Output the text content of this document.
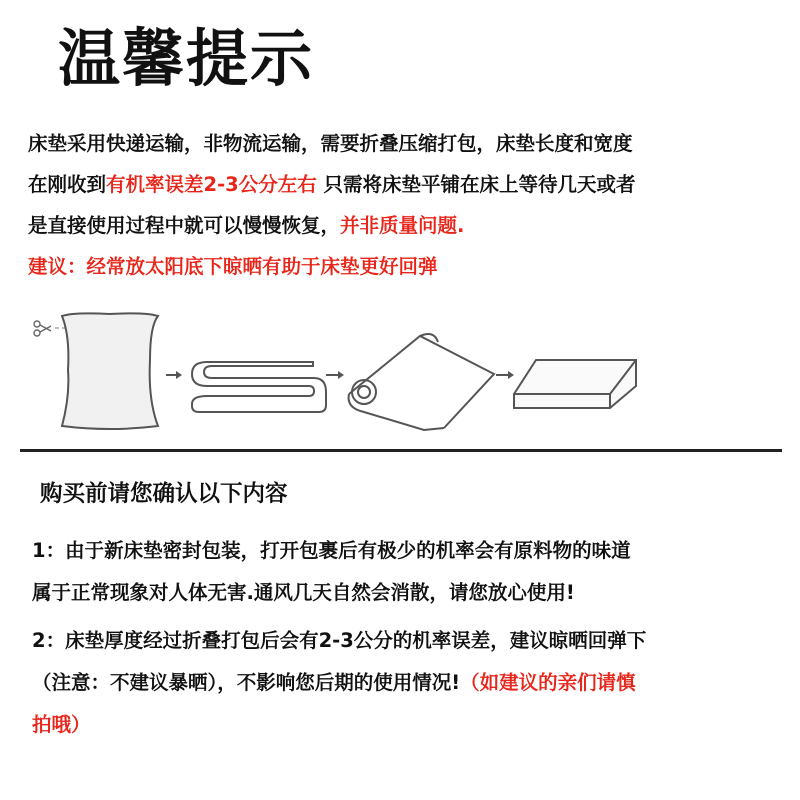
温馨提示
床垫采用快递运输，非物流运输，需要折叠压缩打包，床垫长度和宽度
在刚收到有机率误差2-3公分左右 只需将床垫平铺在床上等待几天或者
是直接使用过程中就可以慢慢恢复，并非质量问题.
建议：经常放太阳底下晾晒有助于床垫更好回弹
购买前请您确认以下内容
1：由于新床垫密封包装，打开包裹后有极少的机率会有原料物的味道
属于正常现象对人体无害.通风几天自然会消散，请您放心使用!
2：床垫厚度经过折叠打包后会有2-3公分的机率误差，建议晾晒回弹下
（注意：不建议暴晒），不影响您后期的使用情况!（如建议的亲们请慎
拍哦）
